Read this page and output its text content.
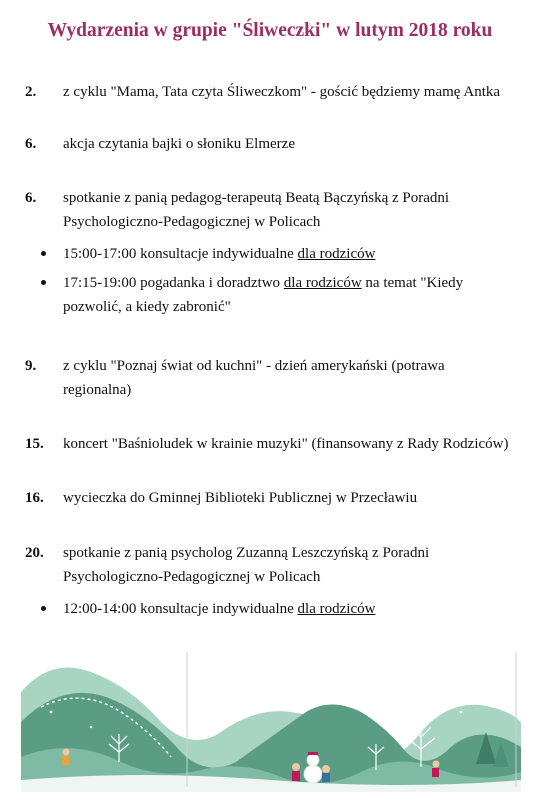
Wydarzenia w grupie "Śliweczki" w lutym 2018 roku
2. z cyklu "Mama, Tata czyta Śliweczkom" - gościć będziemy mamę Antka
6. akcja czytania bajki o słoniku Elmerze
6. spotkanie z panią pedagog-terapeutą Beatą Bączyńską z Poradni
Psychologiczno-Pedagogicznej w Policach
15:00-17:00 konsultacje indywidualne dla rodziców
17:15-19:00 pogadanka i doradztwo dla rodziców na temat "Kiedy
pozwolić, a kiedy zabronić"
9. z cyklu "Poznaj świat od kuchni" - dzień amerykański (potrawa
regionalna)
15. koncert "Baśnioludek w krainie muzyki" (finansowany z Rady Rodziców)
16. wycieczka do Gminnej Biblioteki Publicznej w Przecławiu
20. spotkanie z panią psycholog Zuzanną Leszczyńską z Poradni
Psychologiczno-Pedagogicznej w Policach
12:00-14:00 konsultacje indywidualne dla rodziców
